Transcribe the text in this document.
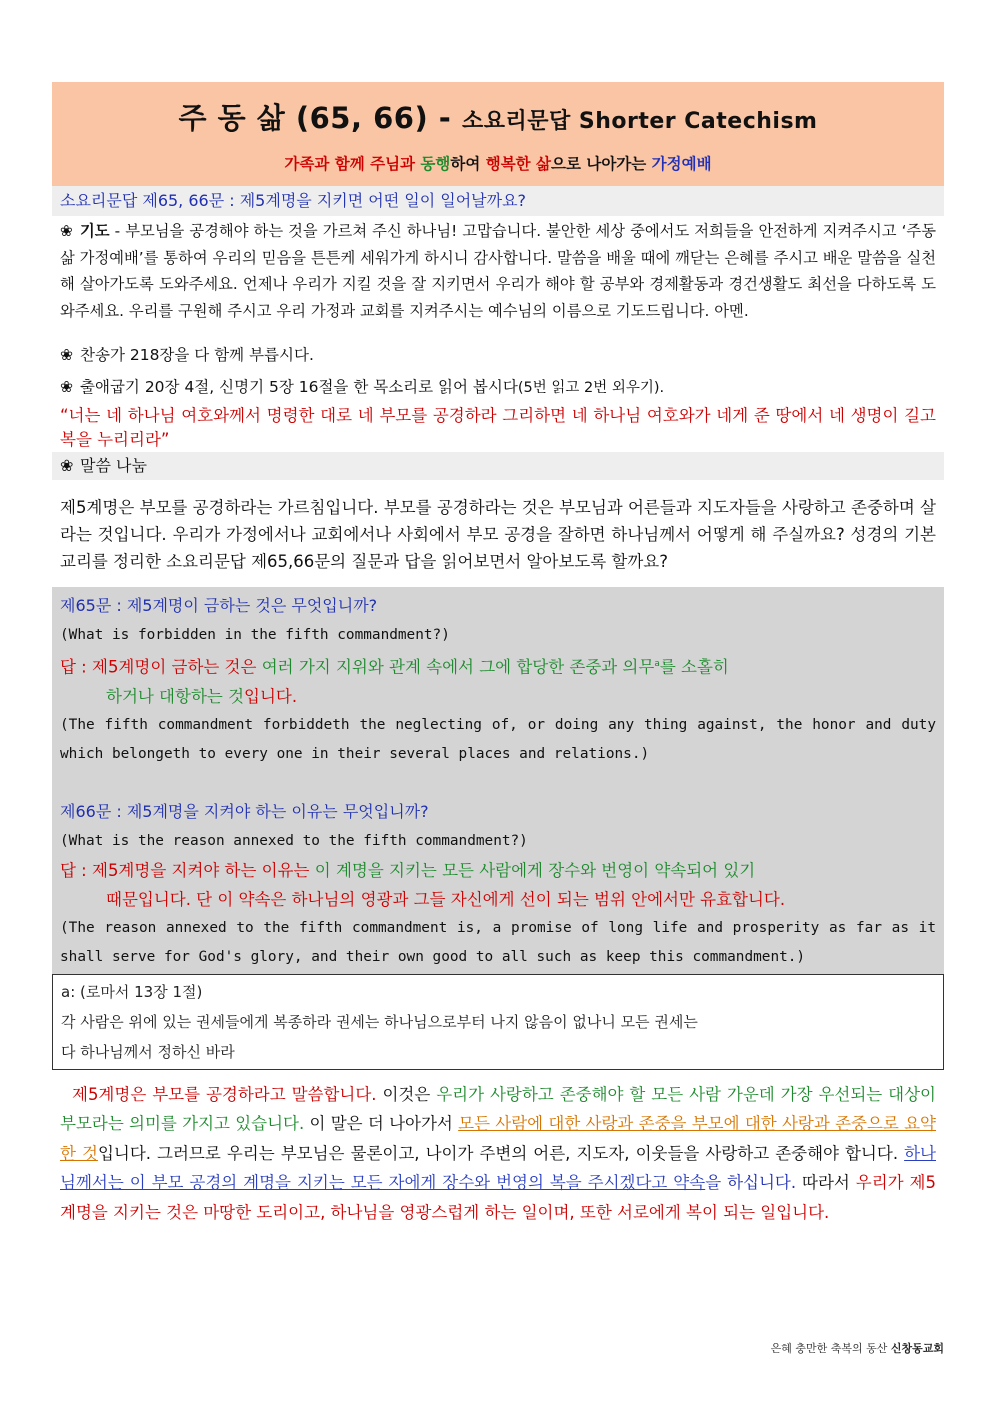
주 동 삶 (65, 66) - 소요리문답 Shorter Catechism
가족과 함께 주님과 동행하여 행복한 삶으로 나아가는 가정예배
소요리문답 제65, 66문 : 제5계명을 지키면 어떤 일이 일어날까요?
❀ 기도 - 부모님을 공경해야 하는 것을 가르쳐 주신 하나님! 고맙습니다. 불안한 세상 중에서도 저희들을 안전하게 지켜주시고 ‘주동삶 가정예배’를 통하여 우리의 믿음을 튼튼케 세워가게 하시니 감사합니다. 말씀을 배울 때에 깨닫는 은혜를 주시고 배운 말씀을 실천해 살아가도록 도와주세요. 언제나 우리가 지킬 것을 잘 지키면서 우리가 해야 할 공부와 경제활동과 경건생활도 최선을 다하도록 도와주세요. 우리를 구원해 주시고 우리 가정과 교회를 지켜주시는 예수님의 이름으로 기도드립니다. 아멘.
❀ 찬송가 218장을 다 함께 부릅시다.
❀ 출애굽기 20장 4절, 신명기 5장 16절을 한 목소리로 읽어 봅시다(5번 읽고 2번 외우기).
“너는 네 하나님 여호와께서 명령한 대로 네 부모를 공경하라 그리하면 네 하나님 여호와가 네게 준 땅에서 네 생명이 길고 복을 누리리라”
❀ 말씀 나눔
제5계명은 부모를 공경하라는 가르침입니다. 부모를 공경하라는 것은 부모님과 어른들과 지도자들을 사랑하고 존중하며 살라는 것입니다. 우리가 가정에서나 교회에서나 사회에서 부모 공경을 잘하면 하나님께서 어떻게 해 주실까요? 성경의 기본 교리를 정리한 소요리문답 제65,66문의 질문과 답을 읽어보면서 알아보도록 할까요?
제65문 : 제5계명이 금하는 것은 무엇입니까?
(What is forbidden in the fifth commandment?)
답 : 제5계명이 금하는 것은 여러 가지 지위와 관계 속에서 그에 합당한 존중과 의무$^a$를 소홀히
하거나 대항하는 것입니다.
(The fifth commandment forbiddeth the neglecting of, or doing any thing against, the honor and duty which belongeth to every one in their several places and relations.)
제66문 : 제5계명을 지켜야 하는 이유는 무엇입니까?
(What is the reason annexed to the fifth commandment?)
답 : 제5계명을 지켜야 하는 이유는 이 계명을 지키는 모든 사람에게 장수와 번영이 약속되어 있기
때문입니다. 단 이 약속은 하나님의 영광과 그들 자신에게 선이 되는 범위 안에서만 유효합니다.
(The reason annexed to the fifth commandment is, a promise of long life and prosperity as far as it shall serve for God's glory, and their own good to all such as keep this commandment.)
a: (로마서 13장 1절)
각 사람은 위에 있는 권세들에게 복종하라 권세는 하나님으로부터 나지 않음이 없나니 모든 권세는
다 하나님께서 정하신 바라
제5계명은 부모를 공경하라고 말씀합니다. 이것은 우리가 사랑하고 존중해야 할 모든 사람 가운데 가장 우선되는 대상이 부모라는 의미를 가지고 있습니다. 이 말은 더 나아가서 모든 사람에 대한 사랑과 존중을 부모에 대한 사랑과 존중으로 요약한 것입니다. 그러므로 우리는 부모님은 물론이고, 나이가 주변의 어른, 지도자, 이웃들을 사랑하고 존중해야 합니다. 하나님께서는 이 부모 공경의 계명을 지키는 모든 자에게 장수와 번영의 복을 주시겠다고 약속을 하십니다. 따라서 우리가 제5계명을 지키는 것은 마땅한 도리이고, 하나님을 영광스럽게 하는 일이며, 또한 서로에게 복이 되는 일입니다.
은혜 충만한 축복의 동산 신창동교회
